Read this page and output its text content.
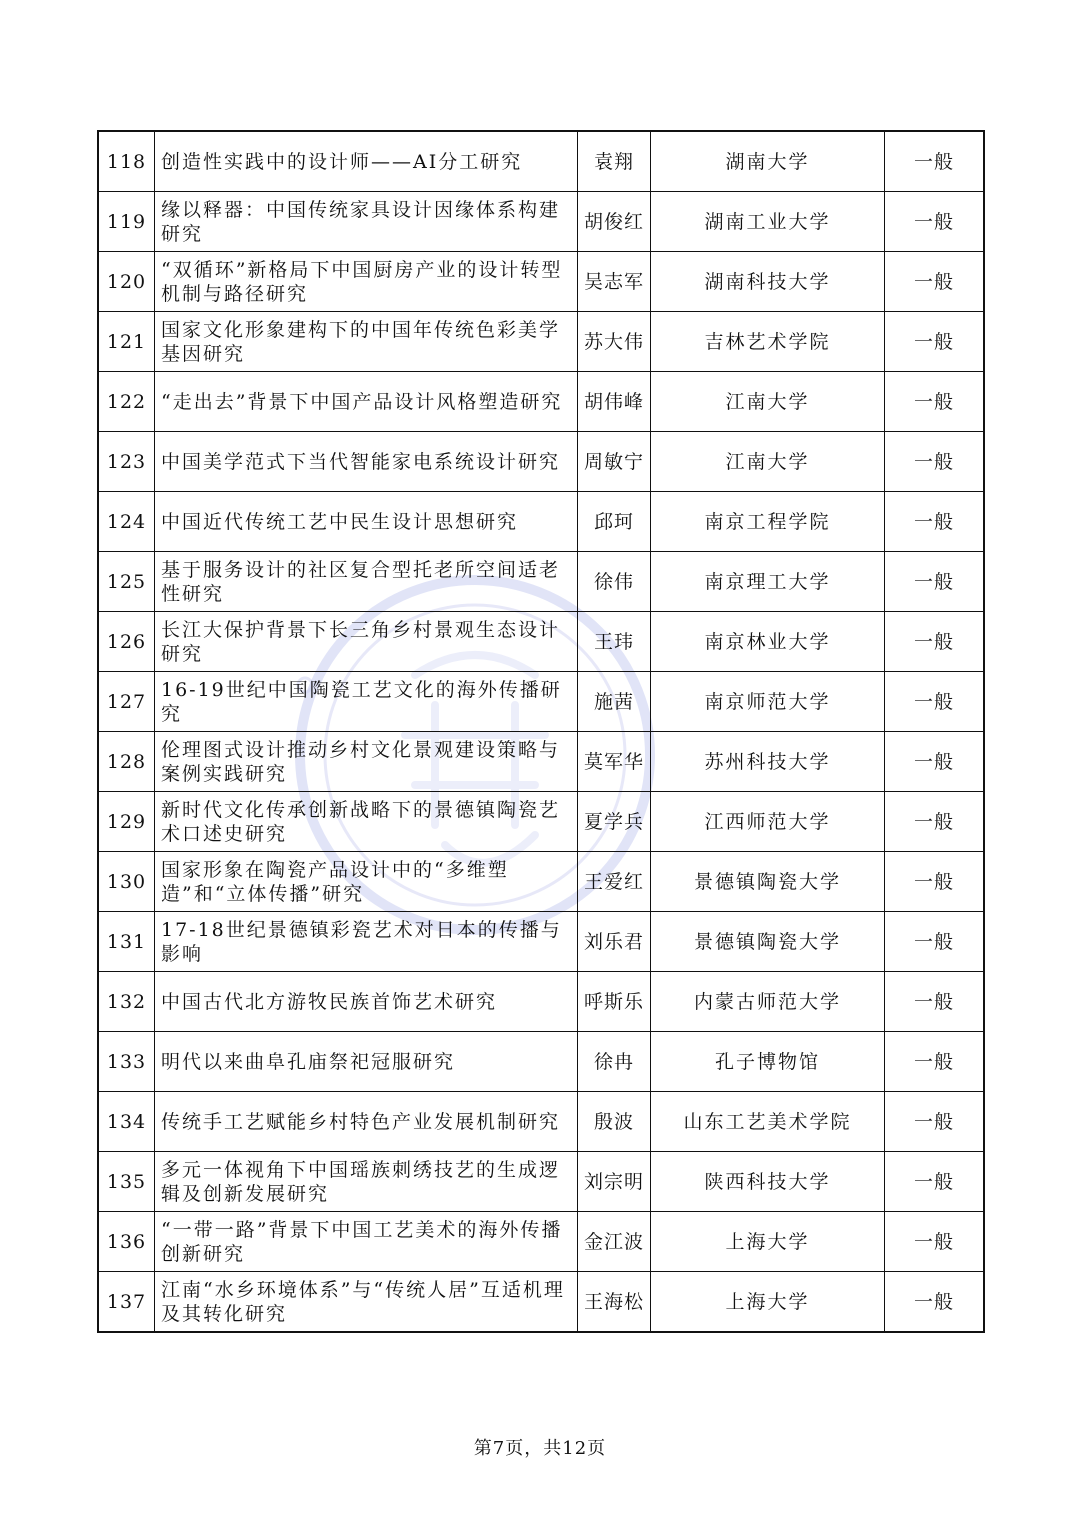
118	创造性实践中的设计师——AI分工研究	袁翔	湖南大学	一般
119	缘以释器：中国传统家具设计因缘体系构建研究	胡俊红	湖南工业大学	一般
120	“双循环”新格局下中国厨房产业的设计转型机制与路径研究	吴志军	湖南科技大学	一般
121	国家文化形象建构下的中国年传统色彩美学基因研究	苏大伟	吉林艺术学院	一般
122	“走出去”背景下中国产品设计风格塑造研究	胡伟峰	江南大学	一般
123	中国美学范式下当代智能家电系统设计研究	周敏宁	江南大学	一般
124	中国近代传统工艺中民生设计思想研究	邱珂	南京工程学院	一般
125	基于服务设计的社区复合型托老所空间适老性研究	徐伟	南京理工大学	一般
126	长江大保护背景下长三角乡村景观生态设计研究	王玮	南京林业大学	一般
127	16-19世纪中国陶瓷工艺文化的海外传播研究	施茜	南京师范大学	一般
128	伦理图式设计推动乡村文化景观建设策略与案例实践研究	莫军华	苏州科技大学	一般
129	新时代文化传承创新战略下的景德镇陶瓷艺术口述史研究	夏学兵	江西师范大学	一般
130	国家形象在陶瓷产品设计中的“多维塑造”和“立体传播”研究	王爱红	景德镇陶瓷大学	一般
131	17-18世纪景德镇彩瓷艺术对日本的传播与影响	刘乐君	景德镇陶瓷大学	一般
132	中国古代北方游牧民族首饰艺术研究	呼斯乐	内蒙古师范大学	一般
133	明代以来曲阜孔庙祭祀冠服研究	徐冉	孔子博物馆	一般
134	传统手工艺赋能乡村特色产业发展机制研究	殷波	山东工艺美术学院	一般
135	多元一体视角下中国瑶族刺绣技艺的生成逻辑及创新发展研究	刘宗明	陕西科技大学	一般
136	“一带一路”背景下中国工艺美术的海外传播创新研究	金江波	上海大学	一般
137	江南“水乡环境体系”与“传统人居”互适机理及其转化研究	王海松	上海大学	一般
第7页，共12页
